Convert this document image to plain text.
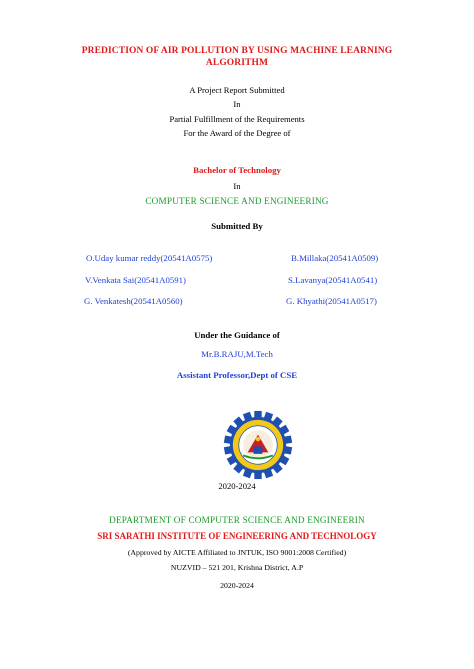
PREDICTION OF AIR POLLUTION BY USING MACHINE LEARNING
ALGORITHM
A Project Report Submitted
In
Partial Fulfillment of the Requirements
For the Award of the Degree of
Bachelor of Technology
In
COMPUTER SCIENCE AND ENGINEERING
Submitted By
O.Uday kumar reddy(20541A0575)	B.Millaka(20541A0509)
V.Venkata Sai(20541A0591)	S.Lavanya(20541A0541)
G. Venkatesh(20541A0560)	G. Khyathi(20541A0517)
Under the Guidance of
Mr.B.RAJU,M.Tech
Assistant Professor,Dept of CSE
2020-2024
DEPARTMENT OF COMPUTER SCIENCE AND ENGINEERIN
SRI SARATHI INSTITUTE OF ENGINEERING AND TECHNOLOGY
(Approved by AICTE Affiliated to JNTUK, ISO 9001:2008 Certified)
NUZVID – 521 201, Krishna District, A.P
2020-2024
